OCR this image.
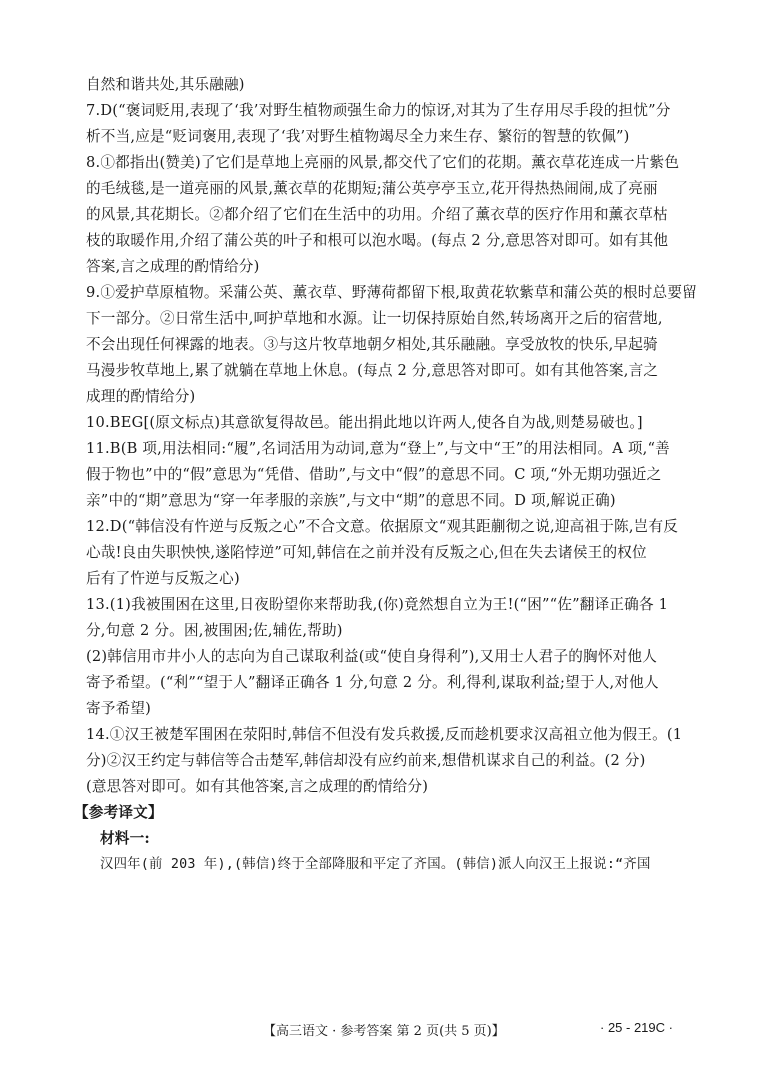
自然和谐共处,其乐融融)
7.D(“褒词贬用,表现了‘我’对野生植物顽强生命力的惊讶,对其为了生存用尽手段的担忧”分
析不当,应是“贬词褒用,表现了‘我’对野生植物竭尽全力来生存、繁衍的智慧的钦佩”)
8.①都指出(赞美)了它们是草地上亮丽的风景,都交代了它们的花期。薰衣草花连成一片紫色
的毛绒毯,是一道亮丽的风景,薰衣草的花期短;蒲公英亭亭玉立,花开得热热闹闹,成了亮丽
的风景,其花期长。②都介绍了它们在生活中的功用。介绍了薰衣草的医疗作用和薰衣草枯
枝的取暖作用,介绍了蒲公英的叶子和根可以泡水喝。(每点 2 分,意思答对即可。如有其他
答案,言之成理的酌情给分)
9.①爱护草原植物。采蒲公英、薰衣草、野薄荷都留下根,取黄花软紫草和蒲公英的根时总要留
下一部分。②日常生活中,呵护草地和水源。让一切保持原始自然,转场离开之后的宿营地,
不会出现任何裸露的地表。③与这片牧草地朝夕相处,其乐融融。享受放牧的快乐,早起骑
马漫步牧草地上,累了就躺在草地上休息。(每点 2 分,意思答对即可。如有其他答案,言之
成理的酌情给分)
10.BEG[(原文标点)其意欲复得故邑。能出捐此地以许两人,使各自为战,则楚易破也。]
11.B(B 项,用法相同:“履”,名词活用为动词,意为“登上”,与文中“王”的用法相同。A 项,“善
假于物也”中的“假”意思为“凭借、借助”,与文中“假”的意思不同。C 项,“外无期功强近之
亲”中的“期”意思为“穿一年孝服的亲族”,与文中“期”的意思不同。D 项,解说正确)
12.D(“韩信没有忤逆与反叛之心”不合文意。依据原文“观其距蒯彻之说,迎高祖于陈,岂有反
心哉!良由失职怏怏,遂陷悖逆”可知,韩信在之前并没有反叛之心,但在失去诸侯王的权位
后有了忤逆与反叛之心)
13.(1)我被围困在这里,日夜盼望你来帮助我,(你)竟然想自立为王!(“困”“佐”翻译正确各 1
分,句意 2 分。困,被围困;佐,辅佐,帮助)
(2)韩信用市井小人的志向为自己谋取利益(或“使自身得利”),又用士人君子的胸怀对他人
寄予希望。(“利”“望于人”翻译正确各 1 分,句意 2 分。利,得利,谋取利益;望于人,对他人
寄予希望)
14.①汉王被楚军围困在荥阳时,韩信不但没有发兵救援,反而趁机要求汉高祖立他为假王。(1
分)②汉王约定与韩信等合击楚军,韩信却没有应约前来,想借机谋求自己的利益。(2 分)
(意思答对即可。如有其他答案,言之成理的酌情给分)
【参考译文】
材料一:
汉四年(前 203 年),(韩信)终于全部降服和平定了齐国。(韩信)派人向汉王上报说:“齐国
【高三语文 · 参考答案 第 2 页(共 5 页)】	· 25 - 219C ·
